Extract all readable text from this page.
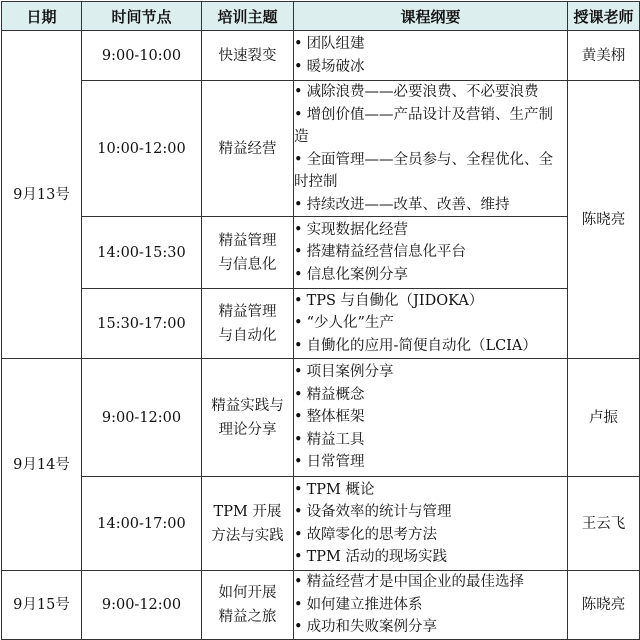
日期	时间节点	培训主题	课程纲要	授课老师
9月13号	9:00-10:00	快速裂变	• 团队组建
• 暖场破冰	黄美栩
	10:00-12:00	精益经营	• 减除浪费——必要浪费、不必要浪费
• 增创价值——产品设计及营销、生产制造
• 全面管理——全员参与、全程优化、全时控制
• 持续改进——改革、改善、维持	陈晓亮
	14:00-15:30	精益管理
与信息化	• 实现数据化经营
• 搭建精益经营信息化平台
• 信息化案例分享	

	15:30-17:00	精益管理
与自动化	• TPS 与自働化（JIDOKA）
• “少人化”生产
• 自働化的应用-简便自动化（LCIA）	

9月14号	9:00-12:00	精益实践与
理论分享	• 项目案例分享
• 精益概念
• 整体框架
• 精益工具
• 日常管理	卢振
	14:00-17:00	TPM 开展
方法与实践	• TPM 概论
• 设备效率的统计与管理
• 故障零化的思考方法
• TPM 活动的现场实践	王云飞
9月15号	9:00-12:00	如何开展
精益之旅	• 精益经营才是中国企业的最佳选择
• 如何建立推进体系
• 成功和失败案例分享	陈晓亮
